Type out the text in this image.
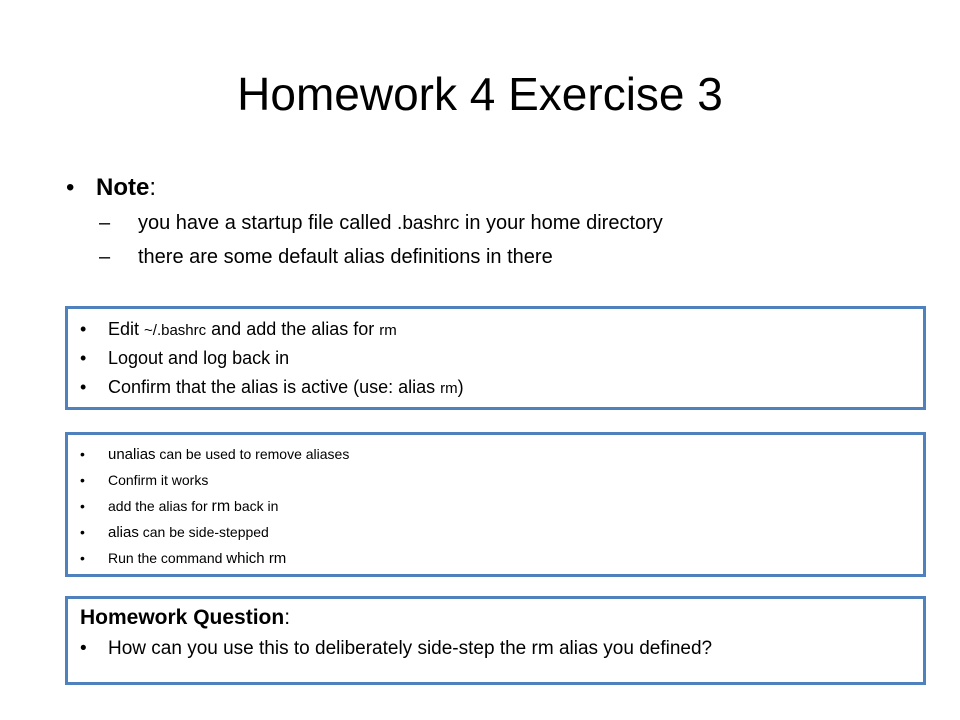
Homework 4 Exercise 3
• Note:
– you have a startup file called .bashrc in your home directory
– there are some default alias definitions in there
• Edit ~/.bashrc and add the alias for rm
• Logout and log back in
• Confirm that the alias is active (use: alias rm)
• unalias can be used to remove aliases
• Confirm it works
• add the alias for rm back in
• alias can be side-stepped
• Run the command which rm
Homework Question:
• How can you use this to deliberately side-step the rm alias you defined?
